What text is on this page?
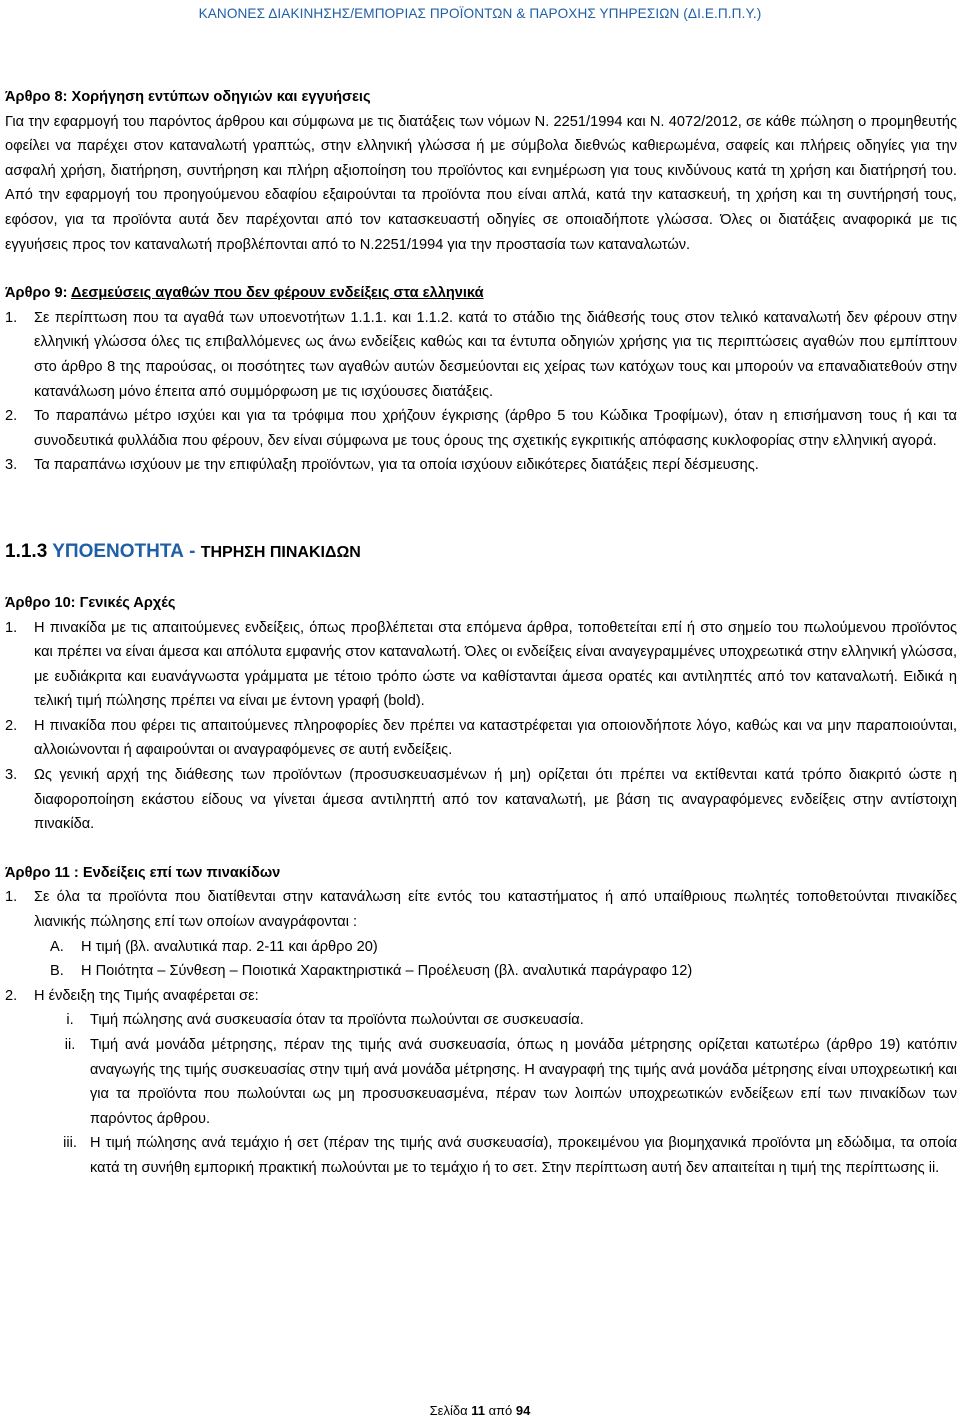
ΚΑΝΟΝΕΣ ΔΙΑΚΙΝΗΣΗΣ/ΕΜΠΟΡΙΑΣ ΠΡΟΪΟΝΤΩΝ & ΠΑΡΟΧΗΣ ΥΠΗΡΕΣΙΩΝ (ΔΙ.Ε.Π.Π.Υ.)
Άρθρο 8: Χορήγηση εντύπων οδηγιών και εγγυήσεις
Για την εφαρμογή του παρόντος άρθρου και σύμφωνα με τις διατάξεις των νόμων Ν. 2251/1994 και Ν. 4072/2012, σε κάθε πώληση ο προμηθευτής οφείλει να παρέχει στον καταναλωτή γραπτώς, στην ελληνική γλώσσα ή με σύμβολα διεθνώς καθιερωμένα, σαφείς και πλήρεις οδηγίες για την ασφαλή χρήση, διατήρηση, συντήρηση και πλήρη αξιοποίηση του προϊόντος και ενημέρωση για τους κινδύνους κατά τη χρήση και διατήρησή του. Από την εφαρμογή του προηγούμενου εδαφίου εξαιρούνται τα προϊόντα που είναι απλά, κατά την κατασκευή, τη χρήση και τη συντήρησή τους, εφόσον, για τα προϊόντα αυτά δεν παρέχονται από τον κατασκευαστή οδηγίες σε οποιαδήποτε γλώσσα. Όλες οι διατάξεις αναφορικά με τις εγγυήσεις προς τον καταναλωτή προβλέπονται από το Ν.2251/1994 για την προστασία των καταναλωτών.
Άρθρο 9: Δεσμεύσεις αγαθών που δεν φέρουν ενδείξεις στα ελληνικά
1.	Σε περίπτωση που τα αγαθά των υποενοτήτων 1.1.1. και 1.1.2. κατά το στάδιο της διάθεσής τους στον τελικό καταναλωτή δεν φέρουν στην ελληνική γλώσσα όλες τις επιβαλλόμενες ως άνω ενδείξεις καθώς και τα έντυπα οδηγιών χρήσης για τις περιπτώσεις αγαθών που εμπίπτουν στο άρθρο 8 της παρούσας, οι ποσότητες των αγαθών αυτών δεσμεύονται εις χείρας των κατόχων τους και μπορούν να επαναδιατεθούν στην κατανάλωση μόνο έπειτα από συμμόρφωση με τις ισχύουσες διατάξεις.
2.	Το παραπάνω μέτρο ισχύει και για τα τρόφιμα που χρήζουν έγκρισης (άρθρο 5 του Κώδικα Τροφίμων), όταν η επισήμανση τους ή και τα συνοδευτικά φυλλάδια που φέρουν, δεν είναι σύμφωνα με τους όρους της σχετικής εγκριτικής απόφασης κυκλοφορίας στην ελληνική αγορά.
3.	Τα παραπάνω ισχύουν με την επιφύλαξη προϊόντων, για τα οποία ισχύουν ειδικότερες διατάξεις περί δέσμευσης.
1.1.3 ΥΠΟΕΝΟΤΗΤΑ - ΤΗΡΗΣΗ ΠΙΝΑΚΙΔΩΝ
Άρθρο 10: Γενικές Αρχές
1.	Η πινακίδα με τις απαιτούμενες ενδείξεις, όπως προβλέπεται στα επόμενα άρθρα, τοποθετείται επί ή στο σημείο του πωλούμενου προϊόντος και πρέπει να είναι άμεσα και απόλυτα εμφανής στον καταναλωτή. Όλες οι ενδείξεις είναι αναγεγραμμένες υποχρεωτικά στην ελληνική γλώσσα, με ευδιάκριτα και ευανάγνωστα γράμματα με τέτοιο τρόπο ώστε να καθίστανται άμεσα ορατές και αντιληπτές από τον καταναλωτή. Ειδικά η τελική τιμή πώλησης πρέπει να είναι με έντονη γραφή (bold).
2.	Η πινακίδα που φέρει τις απαιτούμενες πληροφορίες δεν πρέπει να καταστρέφεται για οποιονδήποτε λόγο, καθώς και να μην παραποιούνται, αλλοιώνονται ή αφαιρούνται οι αναγραφόμενες σε αυτή ενδείξεις.
3.	Ως γενική αρχή της διάθεσης των προϊόντων (προσυσκευασμένων ή μη) ορίζεται ότι πρέπει να εκτίθενται κατά τρόπο διακριτό ώστε η διαφοροποίηση εκάστου είδους να γίνεται άμεσα αντιληπτή από τον καταναλωτή, με βάση τις αναγραφόμενες ενδείξεις στην αντίστοιχη πινακίδα.
Άρθρο 11 : Ενδείξεις επί των πινακίδων
1.	Σε όλα τα προϊόντα που διατίθενται στην κατανάλωση είτε εντός του καταστήματος ή από υπαίθριους πωλητές τοποθετούνται πινακίδες λιανικής πώλησης επί των οποίων αναγράφονται :
Α.	Η τιμή (βλ. αναλυτικά παρ. 2-11 και άρθρο 20)
Β.	Η Ποιότητα – Σύνθεση – Ποιοτικά Χαρακτηριστικά – Προέλευση (βλ. αναλυτικά παράγραφο 12)
2.	Η ένδειξη της Τιμής αναφέρεται σε:
i.	Τιμή πώλησης ανά συσκευασία όταν τα προϊόντα πωλούνται σε συσκευασία.
ii.	Τιμή ανά μονάδα μέτρησης, πέραν της τιμής ανά συσκευασία, όπως η μονάδα μέτρησης ορίζεται κατωτέρω (άρθρο 19) κατόπιν αναγωγής της τιμής συσκευασίας στην τιμή ανά μονάδα μέτρησης. Η αναγραφή της τιμής ανά μονάδα μέτρησης είναι υποχρεωτική και για τα προϊόντα που πωλούνται ως μη προσυσκευασμένα, πέραν των λοιπών υποχρεωτικών ενδείξεων επί των πινακίδων των παρόντος άρθρου.
iii. Η τιμή πώλησης ανά τεμάχιο ή σετ (πέραν της τιμής ανά συσκευασία), προκειμένου για βιομηχανικά προϊόντα μη εδώδιμα, τα οποία κατά τη συνήθη εμπορική πρακτική πωλούνται με το τεμάχιο ή το σετ. Στην περίπτωση αυτή δεν απαιτείται η τιμή της περίπτωσης ii.
Σελίδα 11 από 94
